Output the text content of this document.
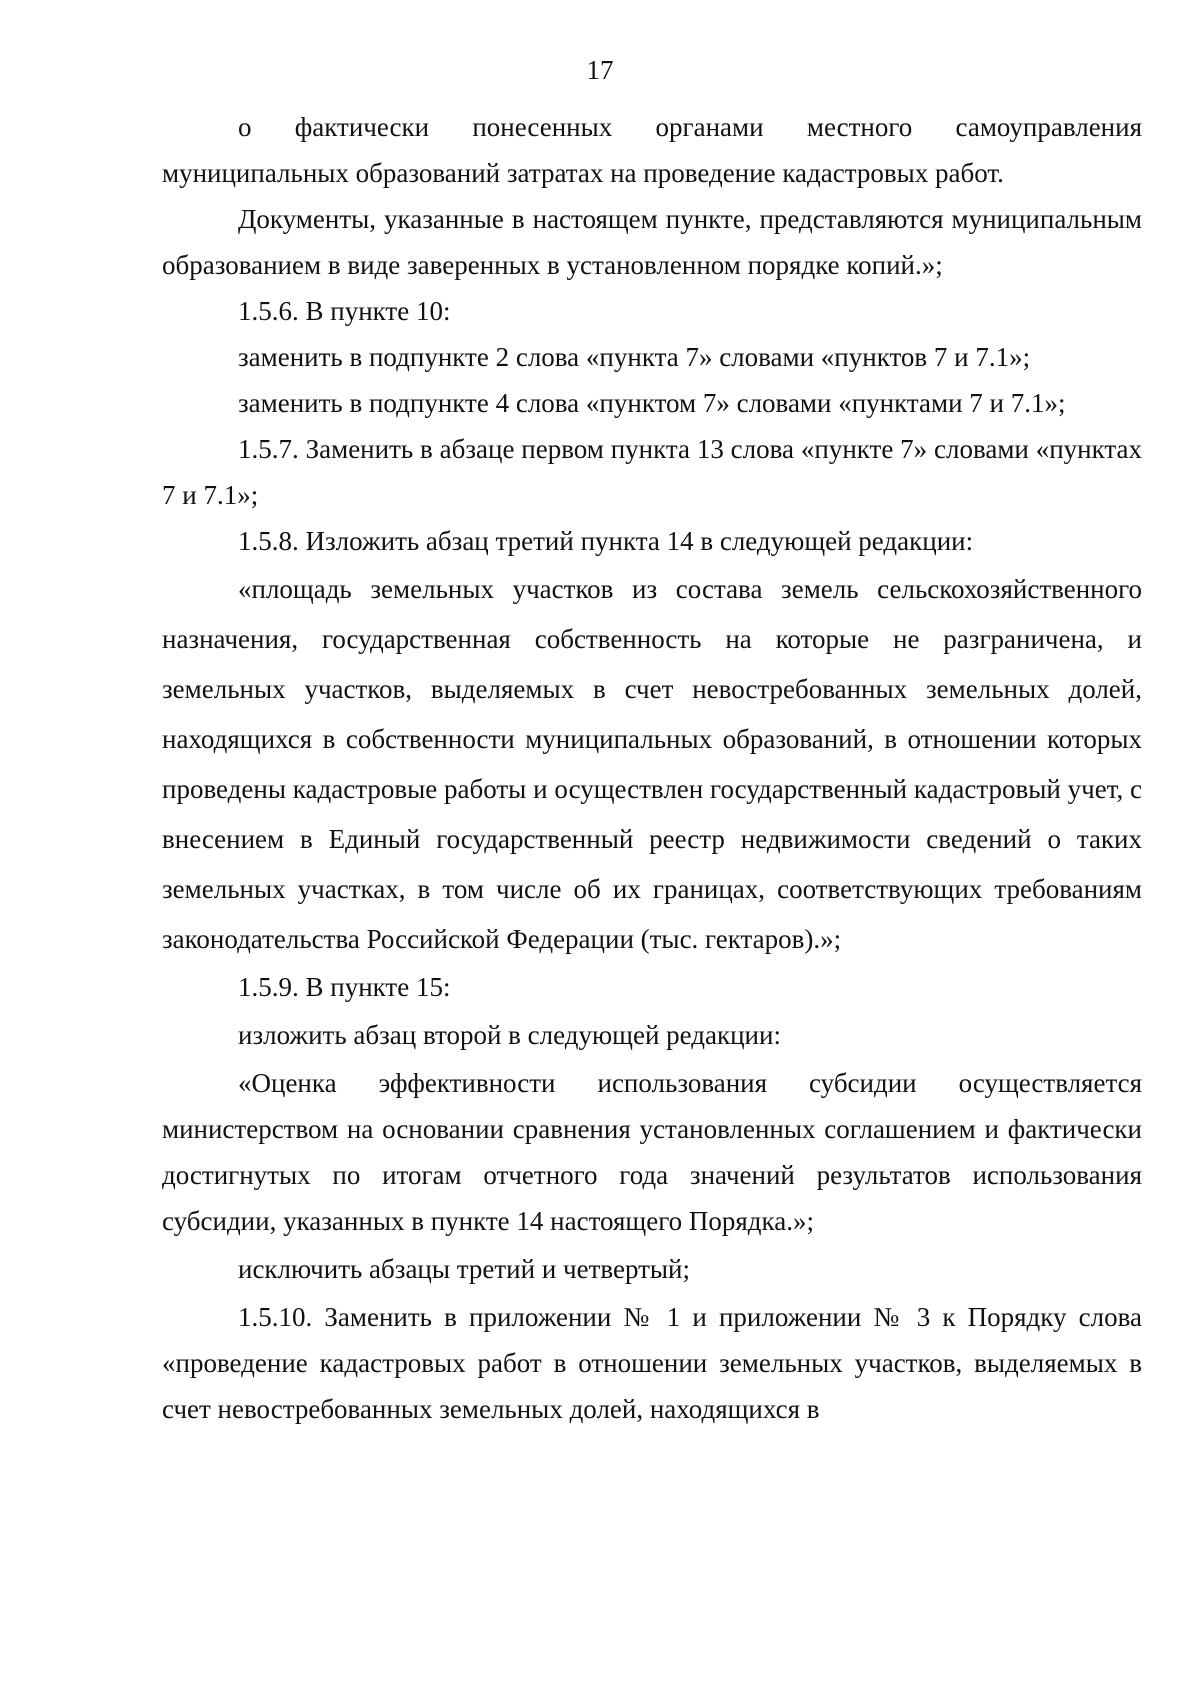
17

о фактически понесенных органами местного самоуправления муниципальных образований затратах на проведение кадастровых работ.

Документы, указанные в настоящем пункте, представляются муниципальным образованием в виде заверенных в установленном порядке копий.»;

1.5.6. В пункте 10:

заменить в подпункте 2 слова «пункта 7» словами «пунктов 7 и 7.1»;

заменить в подпункте 4 слова «пунктом 7» словами «пунктами 7 и 7.1»;

1.5.7. Заменить в абзаце первом пункта 13 слова «пункте 7» словами «пунктах 7 и 7.1»;

1.5.8. Изложить абзац третий пункта 14 в следующей редакции:

«площадь земельных участков из состава земель сельскохозяйственного назначения, государственная собственность на которые не разграничена, и земельных участков, выделяемых в счет невостребованных земельных долей, находящихся в собственности муниципальных образований, в отношении которых проведены кадастровые работы и осуществлен государственный кадастровый учет, с внесением в Единый государственный реестр недвижимости сведений о таких земельных участках, в том числе об их границах, соответствующих требованиям законодательства Российской Федерации (тыс. гектаров).»;

1.5.9. В пункте 15:

изложить абзац второй в следующей редакции:

«Оценка эффективности использования субсидии осуществляется министерством на основании сравнения установленных соглашением и фактически достигнутых по итогам отчетного года значений результатов использования субсидии, указанных в пункте 14 настоящего Порядка.»;

исключить абзацы третий и четвертый;

1.5.10. Заменить в приложении № 1 и приложении № 3 к Порядку слова «проведение кадастровых работ в отношении земельных участков, выделяемых в счет невостребованных земельных долей, находящихся в
